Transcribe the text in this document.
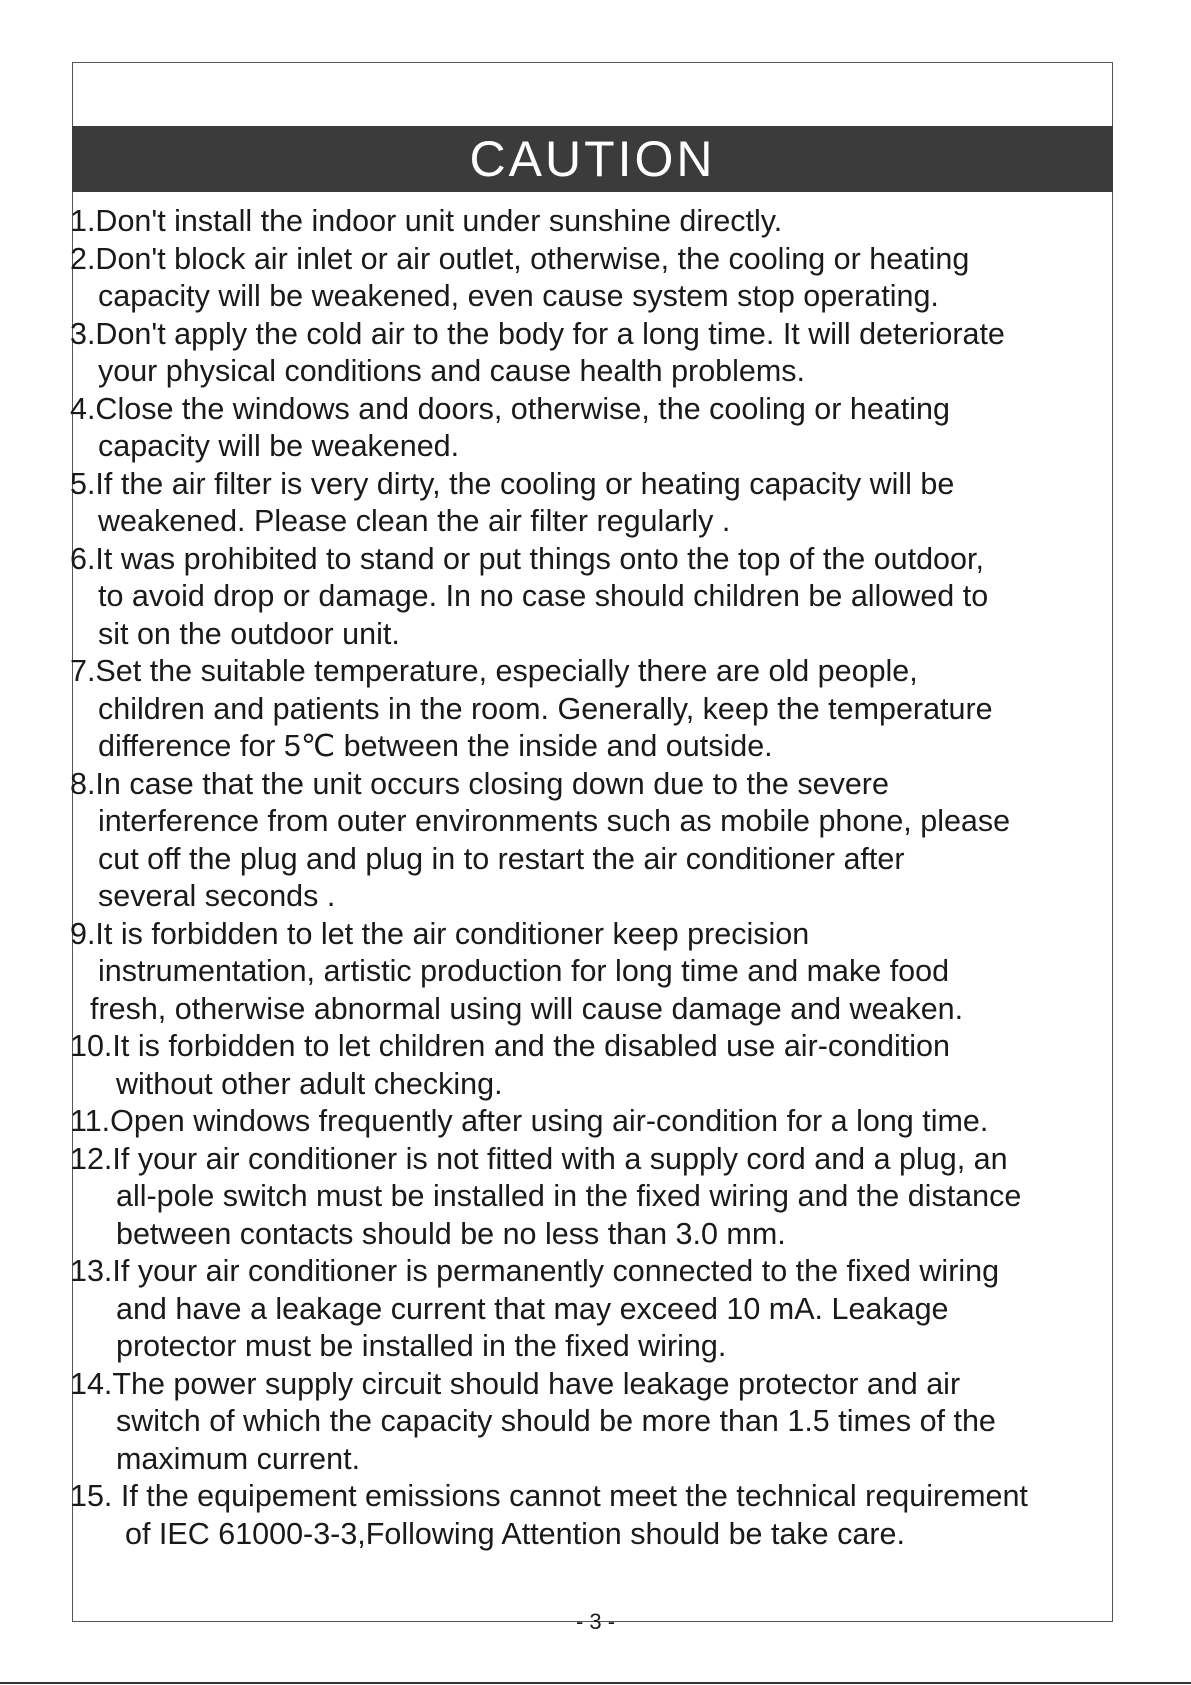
CAUTION
1.Don't install the indoor unit under sunshine directly.
2.Don't block air inlet or air outlet, otherwise, the cooling or heating
capacity will be weakened, even cause system stop operating.
3.Don't apply the cold air to the body for a long time. It will deteriorate
your physical conditions and cause health problems.
4.Close the windows and doors, otherwise, the cooling or heating
capacity will be weakened.
5.If the air filter is very dirty, the cooling or heating capacity will be
weakened. Please clean the air filter regularly .
6.It was prohibited to stand or put things onto the top of the outdoor,
to avoid drop or damage. In no case should children be allowed to
sit on the outdoor unit.
7.Set the suitable temperature, especially there are old people,
children and patients in the room. Generally, keep the temperature
difference for 5℃ between the inside and outside.
8.In case that the unit occurs closing down due to the severe
interference from outer environments such as mobile phone, please
cut off the plug and plug in to restart the air conditioner after
several seconds .
9.It is forbidden to let the air conditioner keep precision
instrumentation, artistic production for long time and make food
fresh, otherwise abnormal using will cause damage and weaken.
10.It is forbidden to let children and the disabled use air-condition
without other adult checking.
11.Open windows frequently after using air-condition for a long time.
12.If your air conditioner is not fitted with a supply cord and a plug, an
all-pole switch must be installed in the fixed wiring and the distance
between contacts should be no less than 3.0 mm.
13.If your air conditioner is permanently connected to the fixed wiring
and have a leakage current that may exceed 10 mA. Leakage
protector must be installed in the fixed wiring.
14.The power supply circuit should have leakage protector and air
switch of which the capacity should be more than 1.5 times of the
maximum current.
15. If the equipement emissions cannot meet the technical requirement
of IEC 61000-3-3,Following Attention should be take care.
- 3 -
